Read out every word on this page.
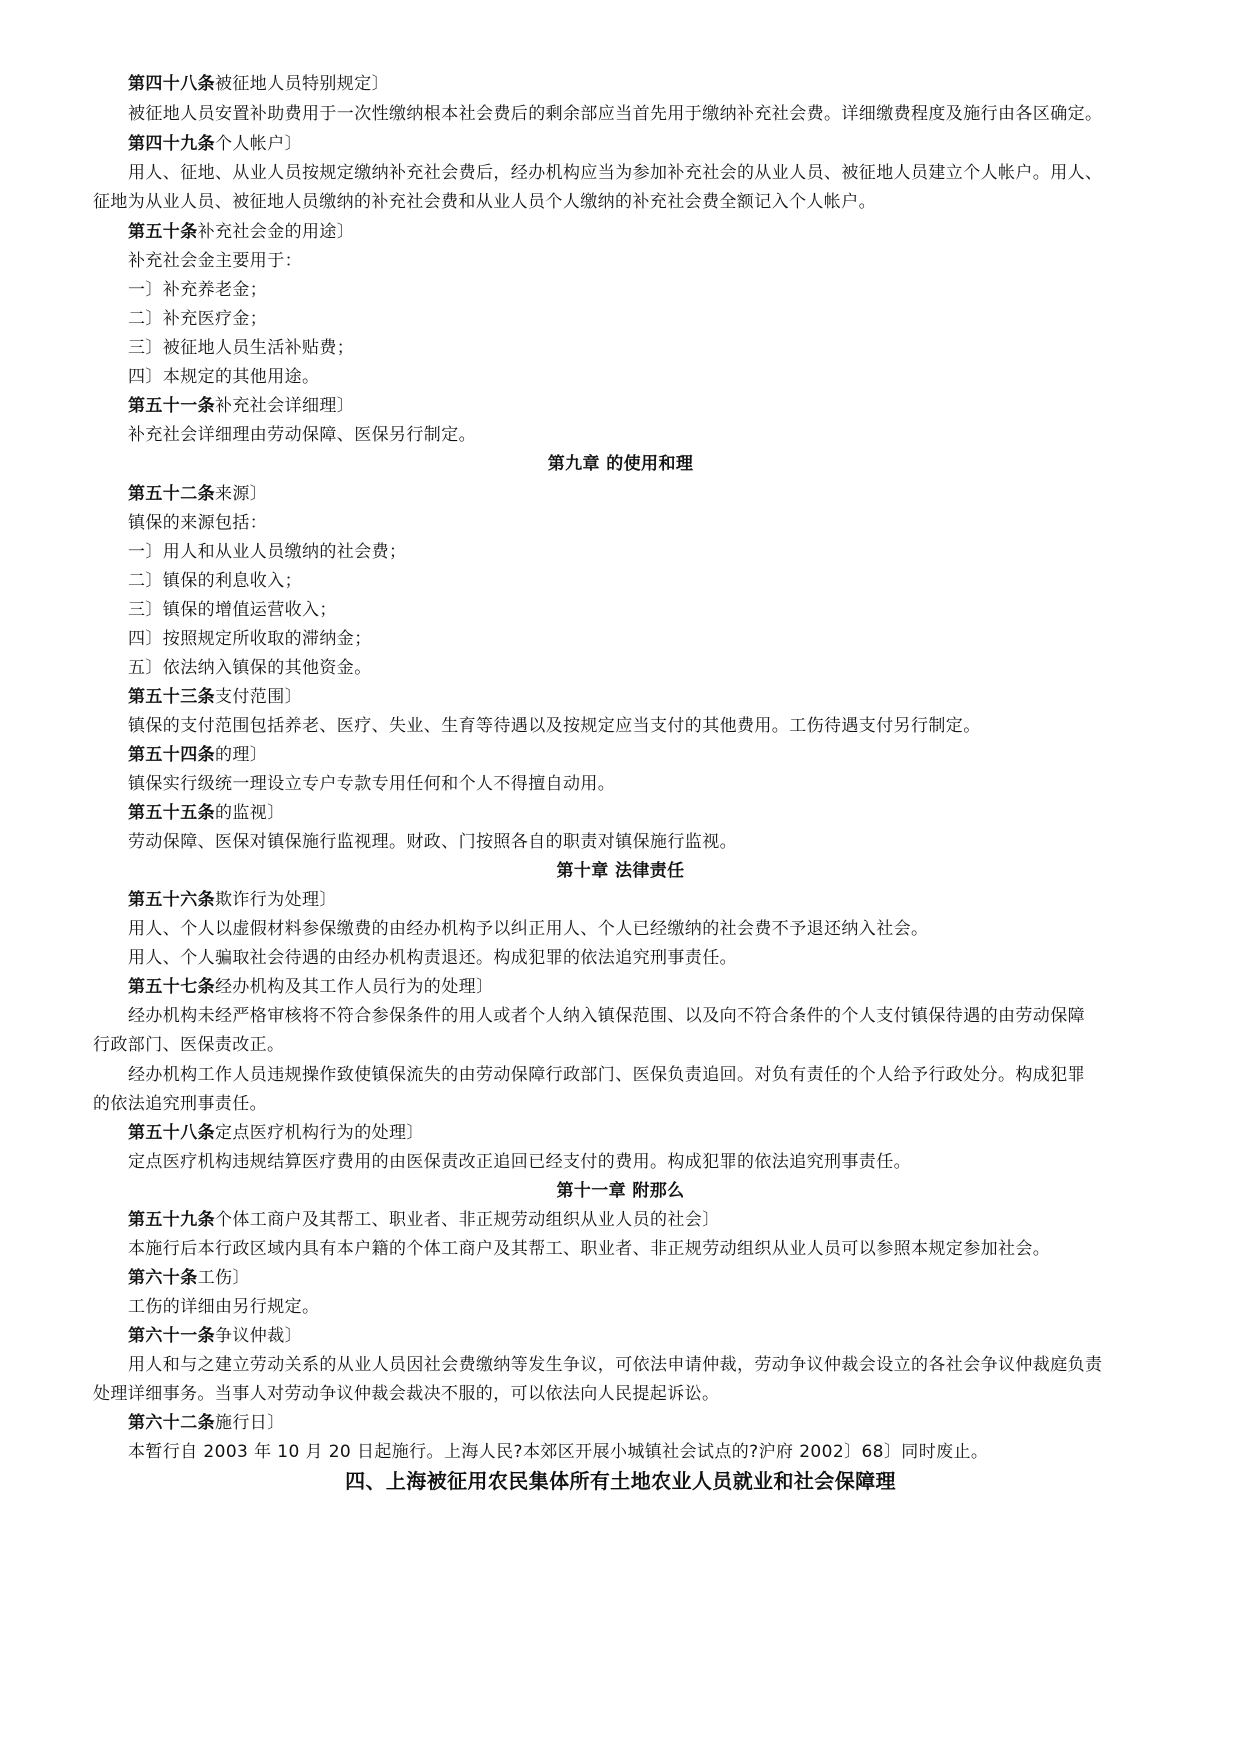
第四十八条被征地人员特别规定〕
被征地人员安置补助费用于一次性缴纳根本社会费后的剩余部应当首先用于缴纳补充社会费。详细缴费程度及施行由各区确定。
第四十九条个人帐户〕
用人、征地、从业人员按规定缴纳补充社会费后，经办机构应当为参加补充社会的从业人员、被征地人员建立个人帐户。用人、
征地为从业人员、被征地人员缴纳的补充社会费和从业人员个人缴纳的补充社会费全额记入个人帐户。
第五十条补充社会金的用途〕
补充社会金主要用于：
一〕补充养老金；
二〕补充医疗金；
三〕被征地人员生活补贴费；
四〕本规定的其他用途。
第五十一条补充社会详细理〕
补充社会详细理由劳动保障、医保另行制定。
第九章 的使用和理
第五十二条来源〕
镇保的来源包括：
一〕用人和从业人员缴纳的社会费；
二〕镇保的利息收入；
三〕镇保的增值运营收入；
四〕按照规定所收取的滞纳金；
五〕依法纳入镇保的其他资金。
第五十三条支付范围〕
镇保的支付范围包括养老、医疗、失业、生育等待遇以及按规定应当支付的其他费用。工伤待遇支付另行制定。
第五十四条的理〕
镇保实行级统一理设立专户专款专用任何和个人不得擅自动用。
第五十五条的监视〕
劳动保障、医保对镇保施行监视理。财政、门按照各自的职责对镇保施行监视。
第十章 法律责任
第五十六条欺诈行为处理〕
用人、个人以虚假材料参保缴费的由经办机构予以纠正用人、个人已经缴纳的社会费不予退还纳入社会。
用人、个人骗取社会待遇的由经办机构责退还。构成犯罪的依法追究刑事责任。
第五十七条经办机构及其工作人员行为的处理〕
经办机构未经严格审核将不符合参保条件的用人或者个人纳入镇保范围、以及向不符合条件的个人支付镇保待遇的由劳动保障
行政部门、医保责改正。
经办机构工作人员违规操作致使镇保流失的由劳动保障行政部门、医保负责追回。对负有责任的个人给予行政处分。构成犯罪
的依法追究刑事责任。
第五十八条定点医疗机构行为的处理〕
定点医疗机构违规结算医疗费用的由医保责改正追回已经支付的费用。构成犯罪的依法追究刑事责任。
第十一章 附那么
第五十九条个体工商户及其帮工、职业者、非正规劳动组织从业人员的社会〕
本施行后本行政区域内具有本户籍的个体工商户及其帮工、职业者、非正规劳动组织从业人员可以参照本规定参加社会。
第六十条工伤〕
工伤的详细由另行规定。
第六十一条争议仲裁〕
用人和与之建立劳动关系的从业人员因社会费缴纳等发生争议，可依法申请仲裁，劳动争议仲裁会设立的各社会争议仲裁庭负责
处理详细事务。当事人对劳动争议仲裁会裁决不服的，可以依法向人民提起诉讼。
第六十二条施行日〕
本暂行自 2003 年 10 月 20 日起施行。上海人民?本郊区开展小城镇社会试点的?沪府 2002〕68〕同时废止。
四、上海被征用农民集体所有土地农业人员就业和社会保障理
